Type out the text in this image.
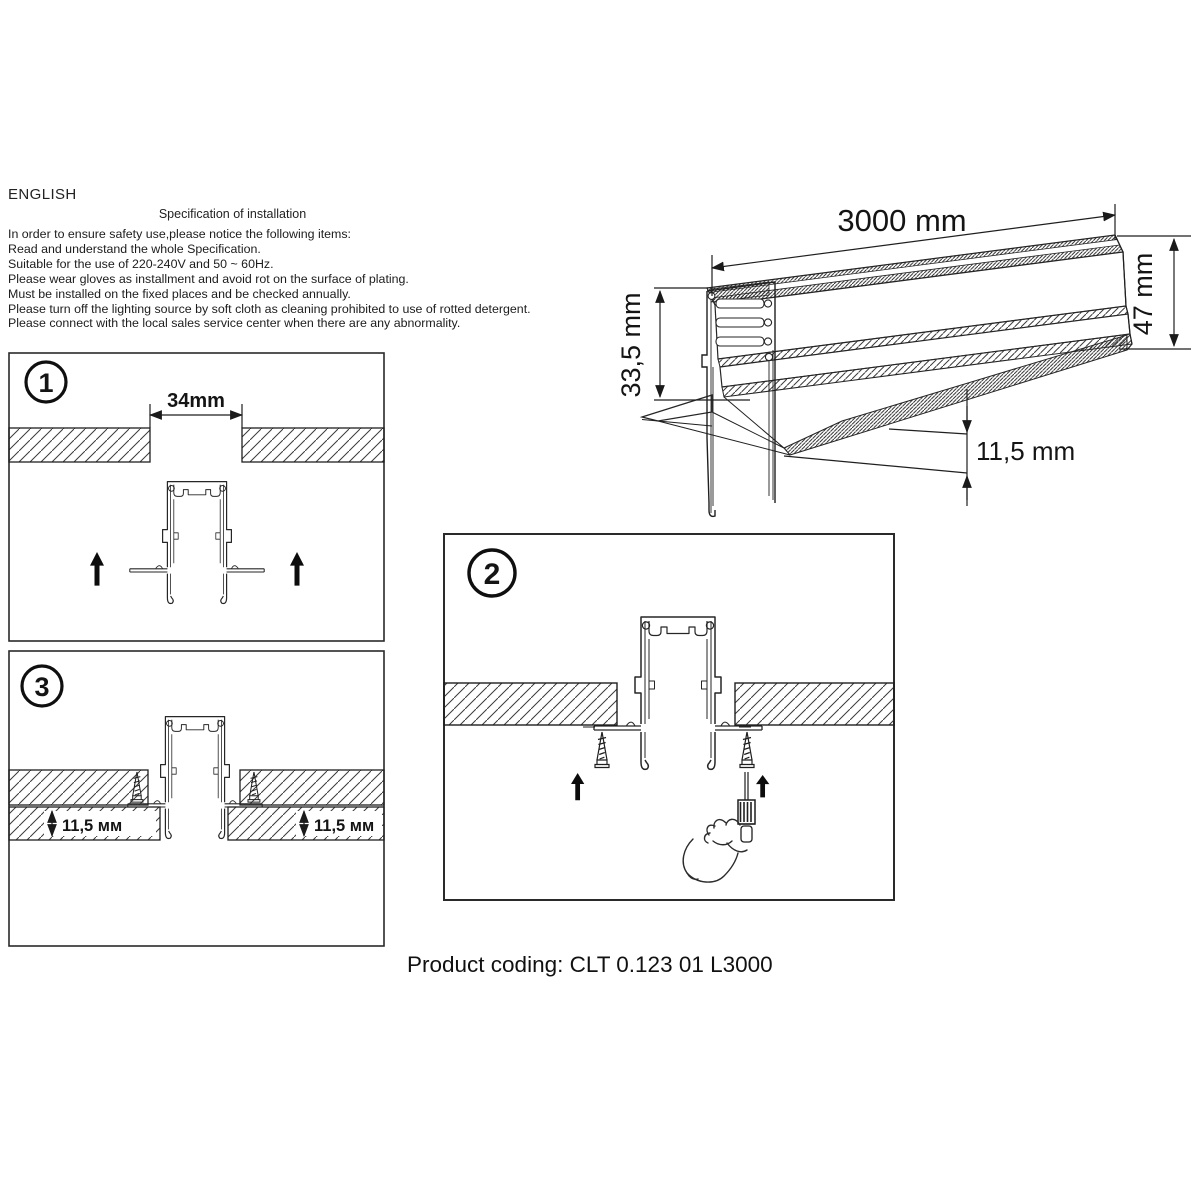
ENGLISH
Specification of installation
In order to ensure safety use,please notice the following items:
Read and understand the whole Specification.
Suitable for the use of 220-240V and 50 ~ 60Hz.
Please wear gloves as installment and avoid rot on the surface of plating.
Must be installed on the fixed places and be checked annually.
Please turn off the lighting source by soft cloth as cleaning prohibited to use of rotted detergent.
Please connect with the local sales service center when there are any abnormality.
3000 mm
33,5 mm	47 mm
11,5 mm
1
34mm
3
11,5 мм	11,5 мм
2
Product coding: CLT 0.123 01 L3000
